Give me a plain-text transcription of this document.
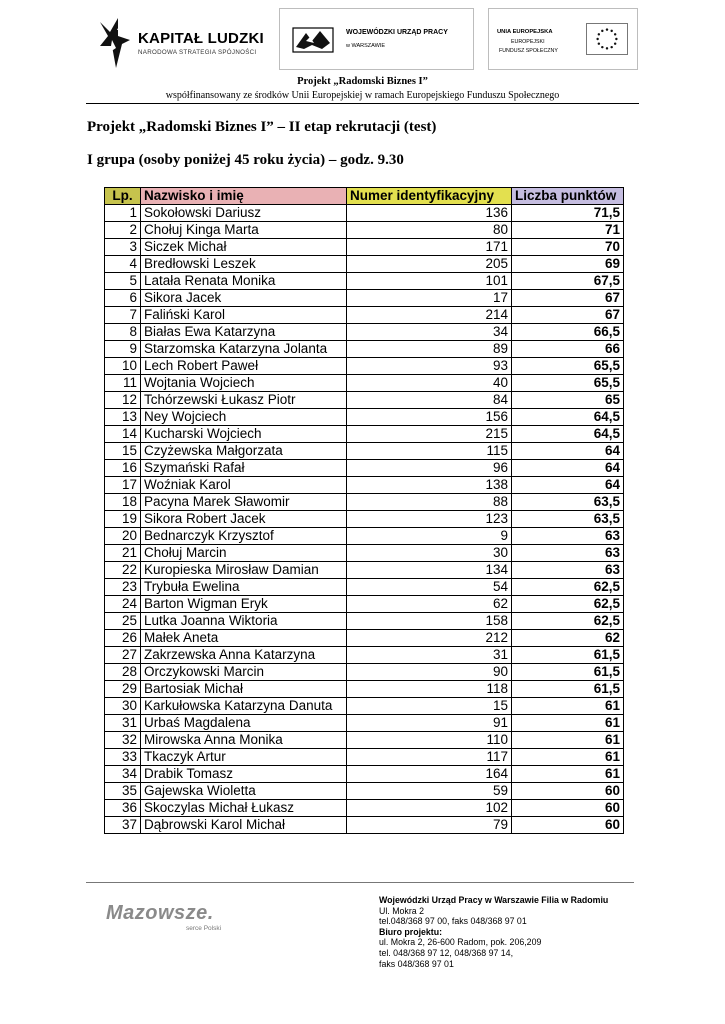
KAPITAŁ LUDZKI
NARODOWA STRATEGIA SPÓJNOŚCI
WOJEWÓDZKI URZĄD PRACY
w WARSZAWIE
UNIA EUROPEJSKA
EUROPEJSKI
FUNDUSZ SPOŁECZNY
Projekt „Radomski Biznes I”
współfinansowany ze środków Unii Europejskiej w ramach Europejskiego Funduszu Społecznego
Projekt „Radomski Biznes I” – II etap rekrutacji (test)
I grupa (osoby poniżej 45 roku życia) – godz. 9.30
Lp.	Nazwisko i imię	Numer identyfikacyjny	Liczba punktów
1	Sokołowski Dariusz	136	71,5
2	Chołuj Kinga Marta	80	71
3	Siczek Michał	171	70
4	Bredłowski Leszek	205	69
5	Latała Renata Monika	101	67,5
6	Sikora Jacek	17	67
7	Faliński Karol	214	67
8	Białas Ewa Katarzyna	34	66,5
9	Starzomska Katarzyna Jolanta	89	66
10	Lech Robert Paweł	93	65,5
11	Wojtania Wojciech	40	65,5
12	Tchórzewski Łukasz Piotr	84	65
13	Ney Wojciech	156	64,5
14	Kucharski Wojciech	215	64,5
15	Czyżewska Małgorzata	115	64
16	Szymański Rafał	96	64
17	Woźniak Karol	138	64
18	Pacyna Marek Sławomir	88	63,5
19	Sikora Robert Jacek	123	63,5
20	Bednarczyk Krzysztof	9	63
21	Chołuj Marcin	30	63
22	Kuropieska Mirosław Damian	134	63
23	Trybuła Ewelina	54	62,5
24	Barton Wigman Eryk	62	62,5
25	Lutka Joanna Wiktoria	158	62,5
26	Małek Aneta	212	62
27	Zakrzewska Anna Katarzyna	31	61,5
28	Orczykowski Marcin	90	61,5
29	Bartosiak Michał	118	61,5
30	Karkułowska Katarzyna Danuta	15	61
31	Urbaś Magdalena	91	61
32	Mirowska Anna Monika	110	61
33	Tkaczyk Artur	117	61
34	Drabik Tomasz	164	61
35	Gajewska Wioletta	59	60
36	Skoczylas Michał Łukasz	102	60
37	Dąbrowski Karol Michał	79	60
Mazowsze.
serce Polski
Wojewódzki Urząd Pracy w Warszawie Filia w Radomiu
Ul. Mokra 2
tel.048/368 97 00, faks 048/368 97 01
Biuro projektu:
ul. Mokra 2, 26-600 Radom, pok. 206,209
tel. 048/368 97 12, 048/368 97 14,
faks 048/368 97 01
